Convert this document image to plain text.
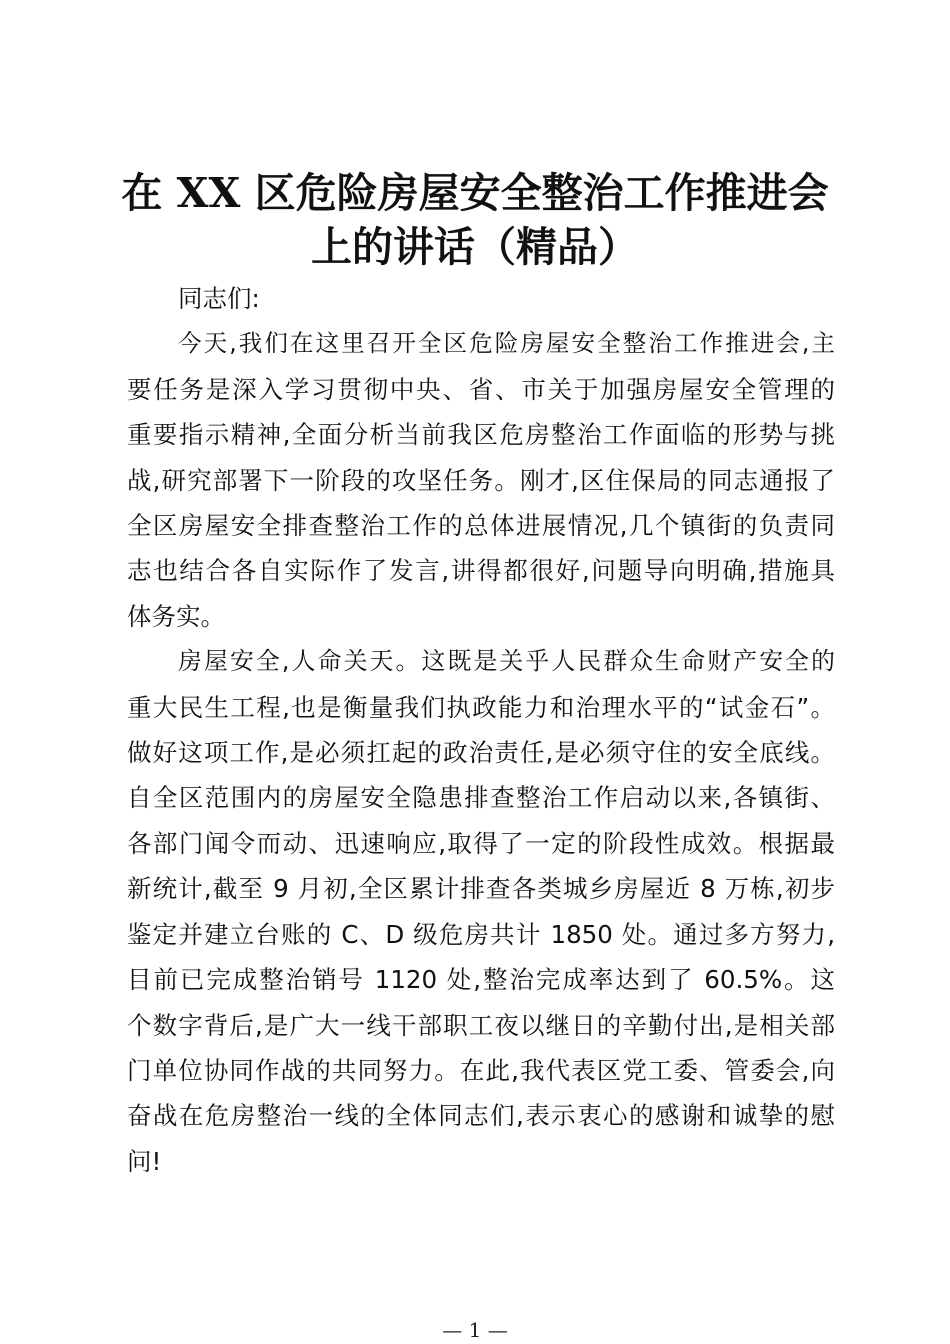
在 XX 区危险房屋安全整治工作推进会
上的讲话（精品）

同志们:

今天,我们在这里召开全区危险房屋安全整治工作推进会,主
要任务是深入学习贯彻中央、省、市关于加强房屋安全管理的
重要指示精神,全面分析当前我区危房整治工作面临的形势与挑
战,研究部署下一阶段的攻坚任务。刚才,区住保局的同志通报了
全区房屋安全排查整治工作的总体进展情况,几个镇街的负责同
志也结合各自实际作了发言,讲得都很好,问题导向明确,措施具
体务实。

房屋安全,人命关天。这既是关乎人民群众生命财产安全的
重大民生工程,也是衡量我们执政能力和治理水平的“试金石”。
做好这项工作,是必须扛起的政治责任,是必须守住的安全底线。
自全区范围内的房屋安全隐患排查整治工作启动以来,各镇街、
各部门闻令而动、迅速响应,取得了一定的阶段性成效。根据最
新统计,截至 9 月初,全区累计排查各类城乡房屋近 8 万栋,初步
鉴定并建立台账的 C、D 级危房共计 1850 处。通过多方努力,
目前已完成整治销号 1120 处,整治完成率达到了 60.5%。这
个数字背后,是广大一线干部职工夜以继日的辛勤付出,是相关部
门单位协同作战的共同努力。在此,我代表区党工委、管委会,向
奋战在危房整治一线的全体同志们,表示衷心的感谢和诚挚的慰
问!

— 1 —
